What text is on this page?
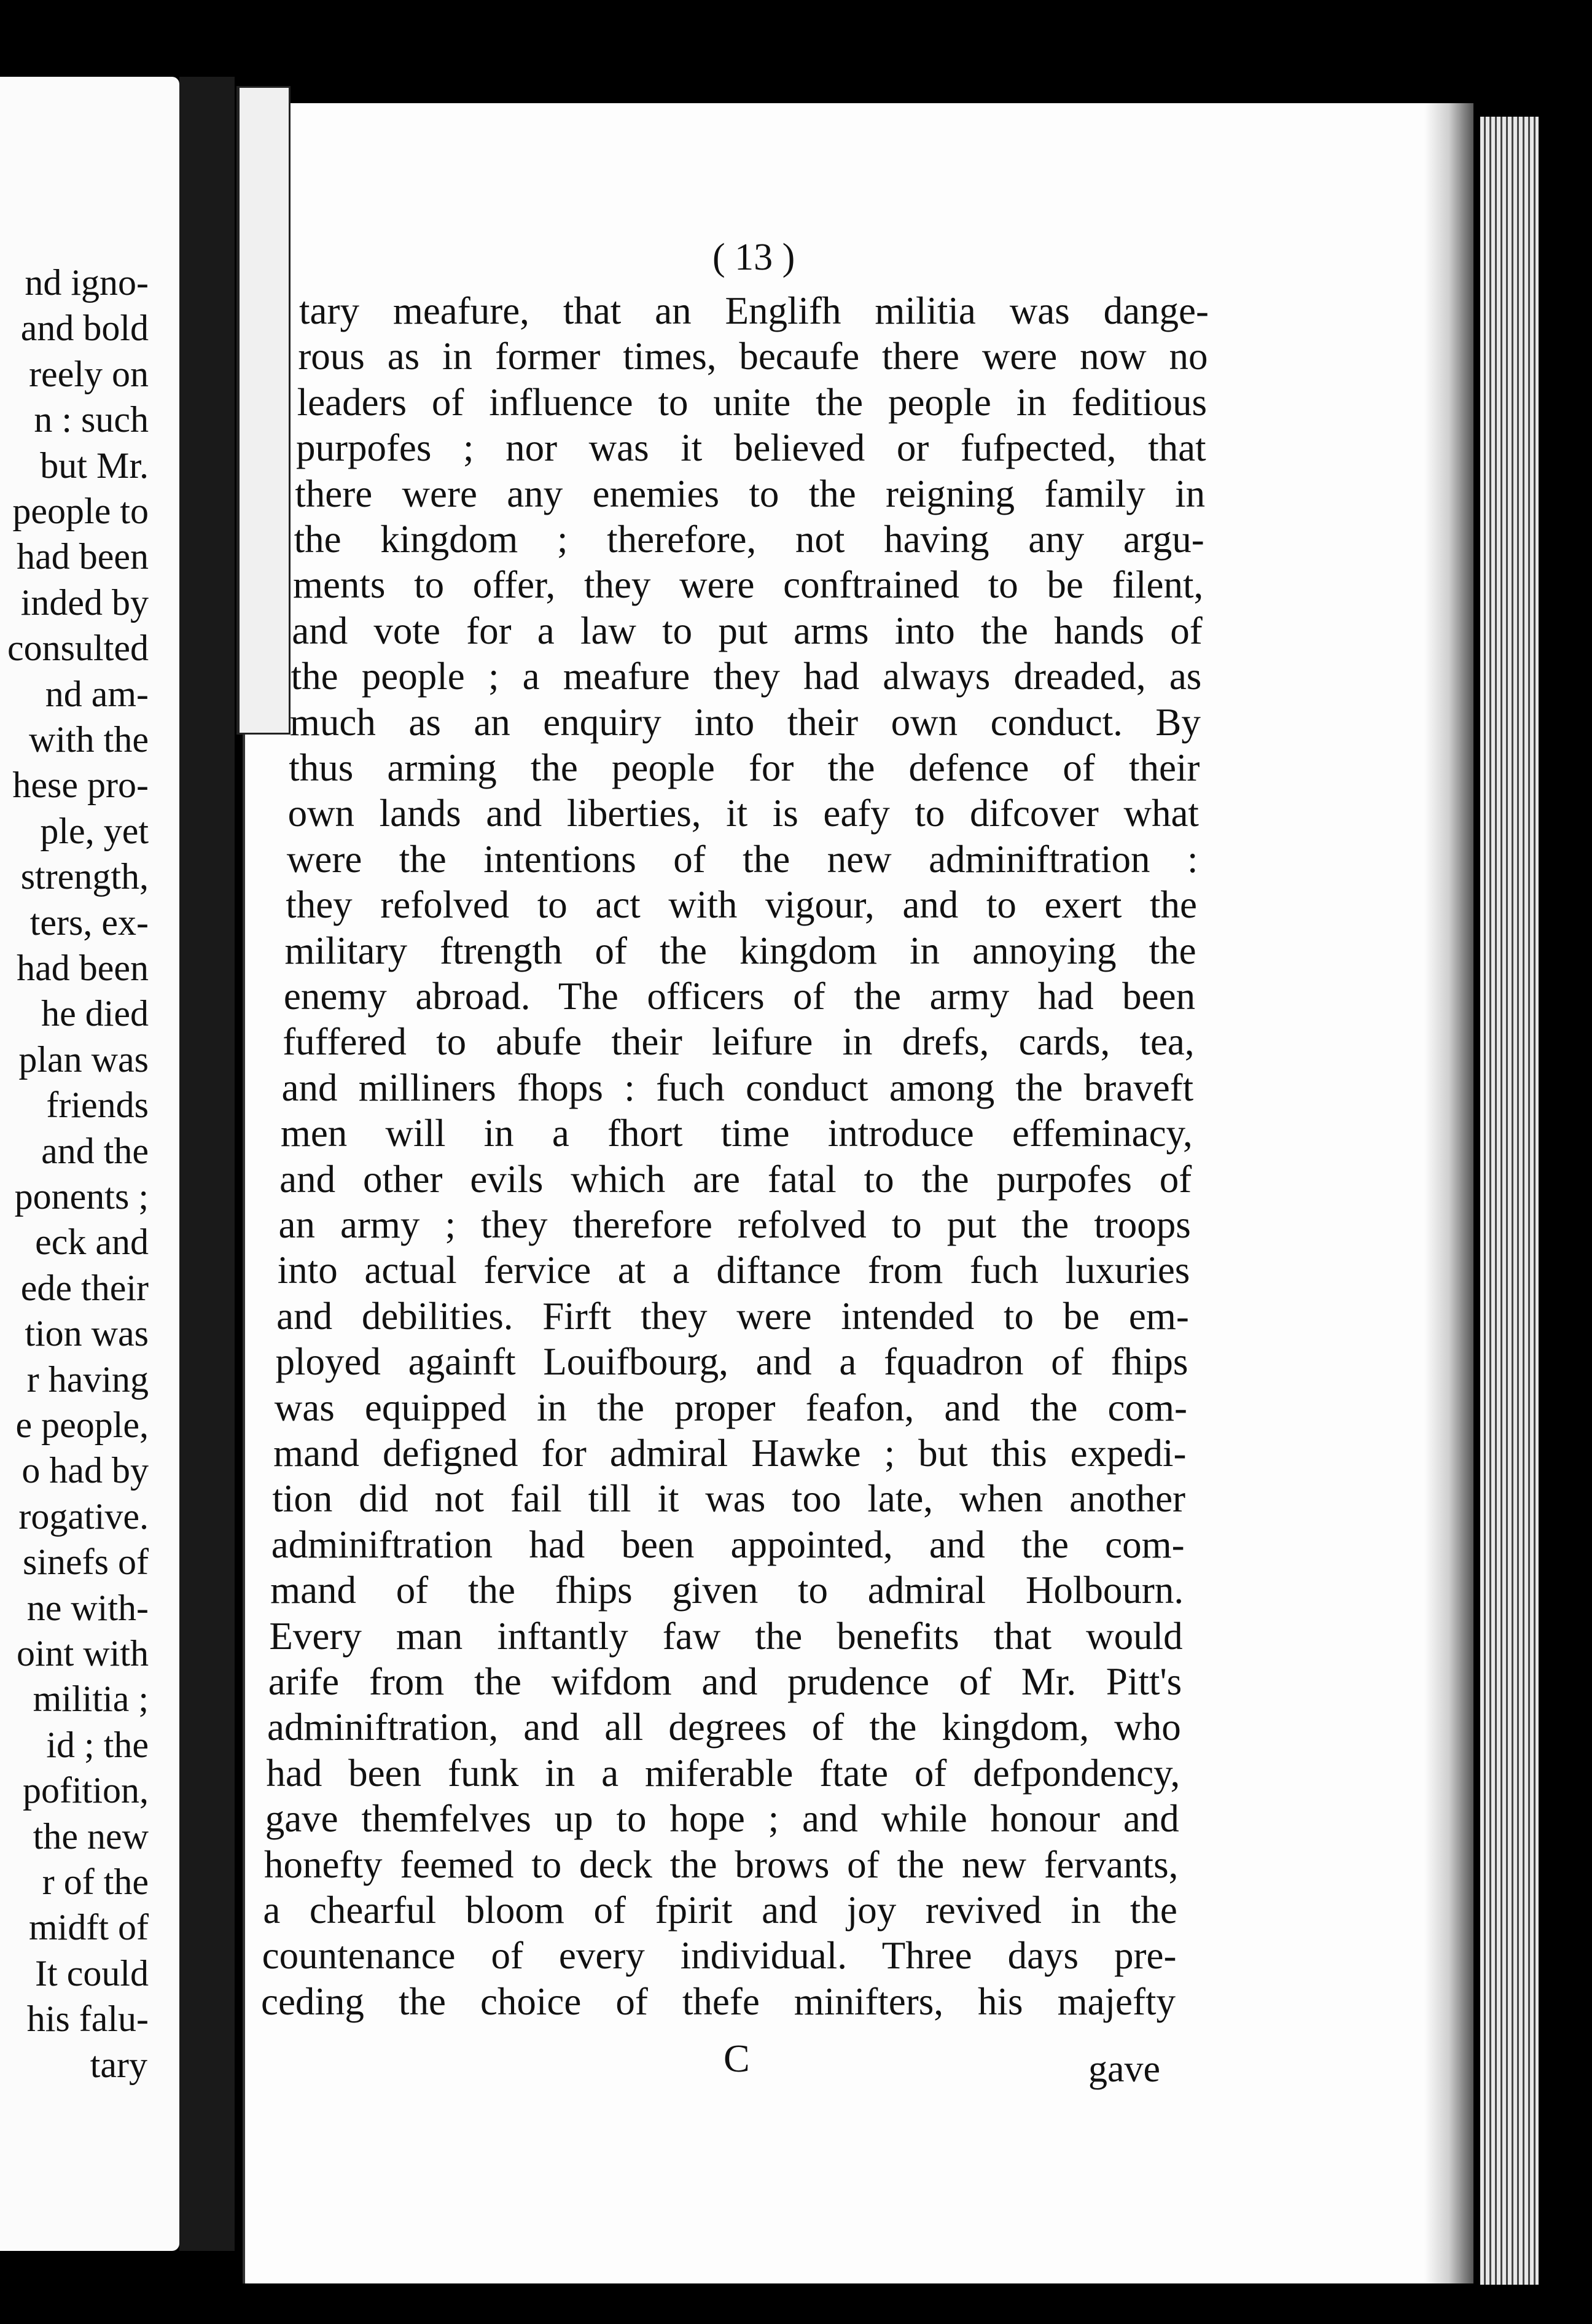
nd igno-
and bold
reely on
n : such
but Mr.
people to
had been
inded by
consulted
nd am-
with the
hese pro-
ple, yet
strength,
ters, ex-
had been
he died
plan was
friends
and the
ponents ;
eck and
ede their
tion was
r having
e people,
o had by
rogative.
sinefs of
ne with-
oint with
militia ;
id ; the
pofition,
the new
r of the
midft of
It could
his falu-
tary
( 13 )
tary meafure, that an Englifh militia was dange-
rous as in former times, becaufe there were now no
leaders of influence to unite the people in feditious
purpofes ; nor was it believed or fufpected, that
there were any enemies to the reigning family in
the kingdom ; therefore, not having any argu-
ments to offer, they were conftrained to be filent,
and vote for a law to put arms into the hands of
the people ; a meafure they had always dreaded, as
much as an enquiry into their own conduct. By
thus arming the people for the defence of their
own lands and liberties, it is eafy to difcover what
were the intentions of the new adminiftration :
they refolved to act with vigour, and to exert the
military ftrength of the kingdom in annoying the
enemy abroad. The officers of the army had been
fuffered to abufe their leifure in drefs, cards, tea,
and milliners fhops : fuch conduct among the braveft
men will in a fhort time introduce effeminacy,
and other evils which are fatal to the purpofes of
an army ; they therefore refolved to put the troops
into actual fervice at a diftance from fuch luxuries
and debilities. Firft they were intended to be em-
ployed againft Louifbourg, and a fquadron of fhips
was equipped in the proper feafon, and the com-
mand defigned for admiral Hawke ; but this expedi-
tion did not fail till it was too late, when another
adminiftration had been appointed, and the com-
mand of the fhips given to admiral Holbourn.
Every man inftantly faw the benefits that would
arife from the wifdom and prudence of Mr. Pitt's
adminiftration, and all degrees of the kingdom, who
had been funk in a miferable ftate of defpondency,
gave themfelves up to hope ; and while honour and
honefty feemed to deck the brows of the new fervants,
a chearful bloom of fpirit and joy revived in the
countenance of every individual. Three days pre-
ceding the choice of thefe minifters, his majefty
C	gave
